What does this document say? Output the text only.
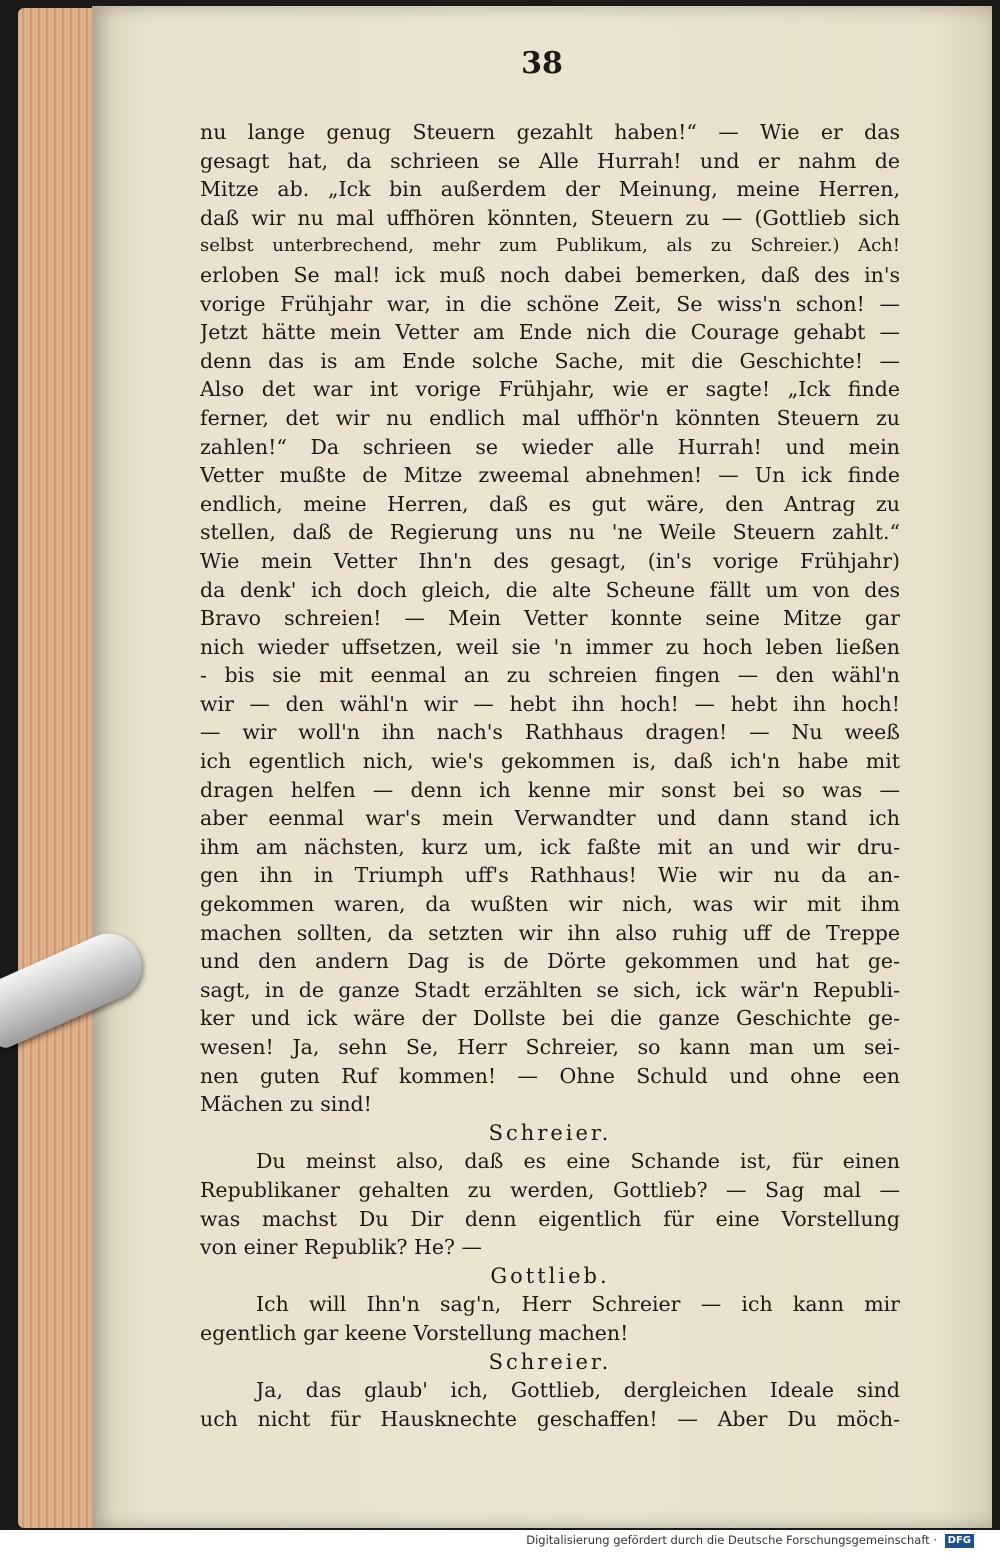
38
nu lange genug Steuern gezahlt haben!“ — Wie er das
gesagt hat, da schrieen se Alle Hurrah! und er nahm de
Mitze ab. „Ick bin außerdem der Meinung, meine Herren,
daß wir nu mal uffhören könnten, Steuern zu — (Gottlieb sich
selbst unterbrechend, mehr zum Publikum, als zu Schreier.) Ach!
erloben Se mal! ick muß noch dabei bemerken, daß des in's
vorige Frühjahr war, in die schöne Zeit, Se wiss'n schon! —
Jetzt hätte mein Vetter am Ende nich die Courage gehabt —
denn das is am Ende solche Sache, mit die Geschichte! —
Also det war int vorige Frühjahr, wie er sagte! „Ick finde
ferner, det wir nu endlich mal uffhör'n könnten Steuern zu
zahlen!“ Da schrieen se wieder alle Hurrah! und mein
Vetter mußte de Mitze zweemal abnehmen! — Un ick finde
endlich, meine Herren, daß es gut wäre, den Antrag zu
stellen, daß de Regierung uns nu 'ne Weile Steuern zahlt.“
Wie mein Vetter Ihn'n des gesagt, (in's vorige Frühjahr)
da denk' ich doch gleich, die alte Scheune fällt um von des
Bravo schreien! — Mein Vetter konnte seine Mitze gar
nich wieder uffsetzen, weil sie 'n immer zu hoch leben ließen
- bis sie mit eenmal an zu schreien fingen — den wähl'n
wir — den wähl'n wir — hebt ihn hoch! — hebt ihn hoch!
— wir woll'n ihn nach's Rathhaus dragen! — Nu weeß
ich egentlich nich, wie's gekommen is, daß ich'n habe mit
dragen helfen — denn ich kenne mir sonst bei so was —
aber eenmal war's mein Verwandter und dann stand ich
ihm am nächsten, kurz um, ick faßte mit an und wir dru-
gen ihn in Triumph uff's Rathhaus! Wie wir nu da an-
gekommen waren, da wußten wir nich, was wir mit ihm
machen sollten, da setzten wir ihn also ruhig uff de Treppe
und den andern Dag is de Dörte gekommen und hat ge-
sagt, in de ganze Stadt erzählten se sich, ick wär'n Republi-
ker und ick wäre der Dollste bei die ganze Geschichte ge-
wesen! Ja, sehn Se, Herr Schreier, so kann man um sei-
nen guten Ruf kommen! — Ohne Schuld und ohne een
Mächen zu sind!
Schreier.
Du meinst also, daß es eine Schande ist, für einen
Republikaner gehalten zu werden, Gottlieb? — Sag mal —
was machst Du Dir denn eigentlich für eine Vorstellung
von einer Republik? He? —
Gottlieb.
Ich will Ihn'n sag'n, Herr Schreier — ich kann mir
egentlich gar keene Vorstellung machen!
Schreier.
Ja, das glaub' ich, Gottlieb, dergleichen Ideale sind
uch nicht für Hausknechte geschaffen! — Aber Du möch-
Digitalisierung gefördert durch die Deutsche Forschungsgemeinschaft · DFG
